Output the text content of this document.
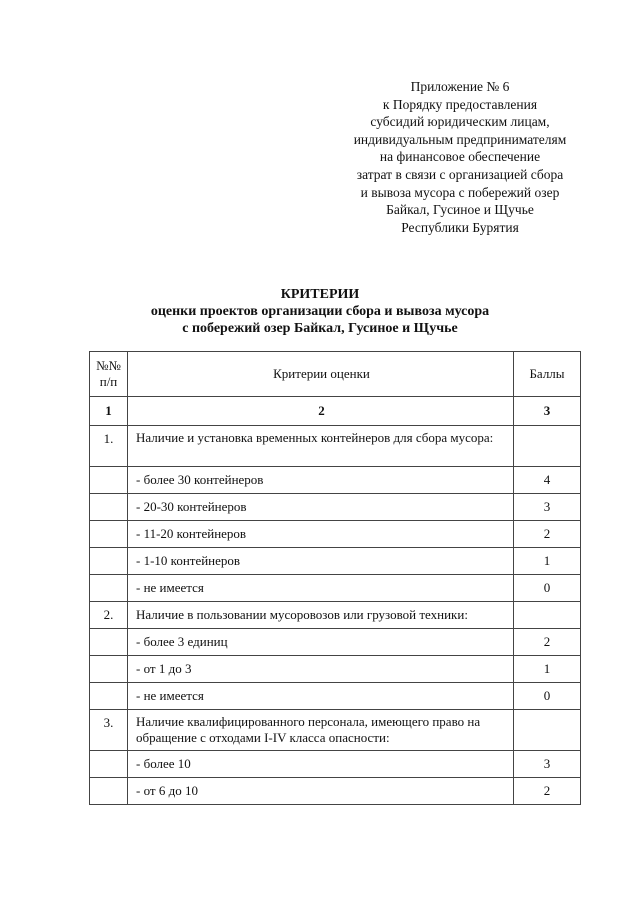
Приложение № 6
к Порядку предоставления
субсидий юридическим лицам,
индивидуальным предпринимателям
на финансовое обеспечение
затрат в связи с организацией сбора
и вывоза мусора с побережий озер
Байкал, Гусиное и Щучье
Республики Бурятия
КРИТЕРИИ
оценки проектов организации сбора и вывоза мусора
с побережий озер Байкал, Гусиное и Щучье
№№
п/п	Критерии оценки	Баллы
1	2	3
1.	Наличие и установка временных контейнеров для сбора мусора:	
	- более 30 контейнеров	4
	- 20-30 контейнеров	3
	- 11-20 контейнеров	2
	- 1-10 контейнеров	1
	- не имеется	0
2.	Наличие в пользовании мусоровозов или грузовой техники:	
	- более 3 единиц	2
	- от 1 до 3	1
	- не имеется	0
3.	Наличие квалифицированного персонала, имеющего право на обращение с отходами I-IV класса опасности:	
	- более 10	3
	- от 6 до 10	2
